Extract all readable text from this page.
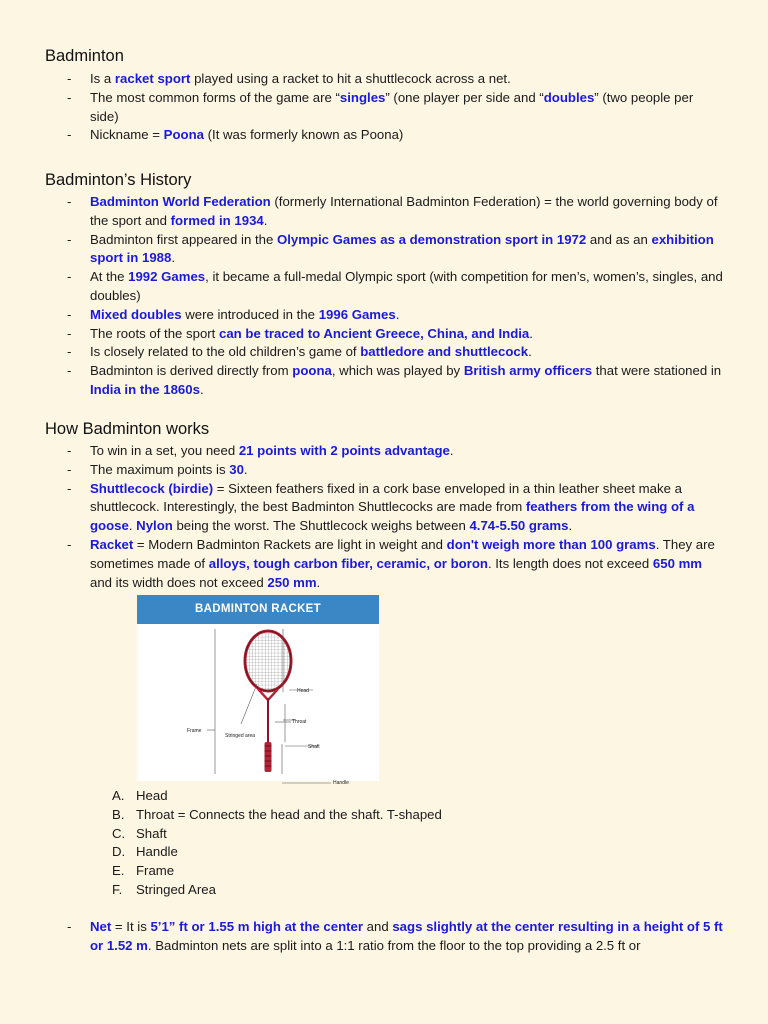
Badminton
- Is a racket sport played using a racket to hit a shuttlecock across a net.
- The most common forms of the game are “singles” (one player per side and “doubles” (two people per side)
- Nickname = Poona (It was formerly known as Poona)
Badminton’s History
- Badminton World Federation (formerly International Badminton Federation) = the world governing body of the sport and formed in 1934.
- Badminton first appeared in the Olympic Games as a demonstration sport in 1972 and as an exhibition sport in 1988.
- At the 1992 Games, it became a full-medal Olympic sport (with competition for men’s, women’s, singles, and doubles)
- Mixed doubles were introduced in the 1996 Games.
- The roots of the sport can be traced to Ancient Greece, China, and India.
- Is closely related to the old children’s game of battledore and shuttlecock.
- Badminton is derived directly from poona, which was played by British army officers that were stationed in India in the 1860s.
How Badminton works
- To win in a set, you need 21 points with 2 points advantage.
- The maximum points is 30.
- Shuttlecock (birdie) = Sixteen feathers fixed in a cork base enveloped in a thin leather sheet make a shuttlecock. Interestingly, the best Badminton Shuttlecocks are made from feathers from the wing of a goose. Nylon being the worst. The Shuttlecock weighs between 4.74-5.50 grams.
- Racket = Modern Badminton Rackets are light in weight and don't weigh more than 100 grams. They are sometimes made of alloys, tough carbon fiber, ceramic, or boron. Its length does not exceed 650 mm and its width does not exceed 250 mm.
BADMINTON RACKET
Head
Throat
Shaft
Handle
Frame
Stringed area
A. Head
B. Throat = Connects the head and the shaft. T-shaped
C. Shaft
D. Handle
E. Frame
F. Stringed Area
- Net = It is 5’1” ft or 1.55 m high at the center and sags slightly at the center resulting in a height of 5 ft or 1.52 m. Badminton nets are split into a 1:1 ratio from the floor to the top providing a 2.5 ft or
